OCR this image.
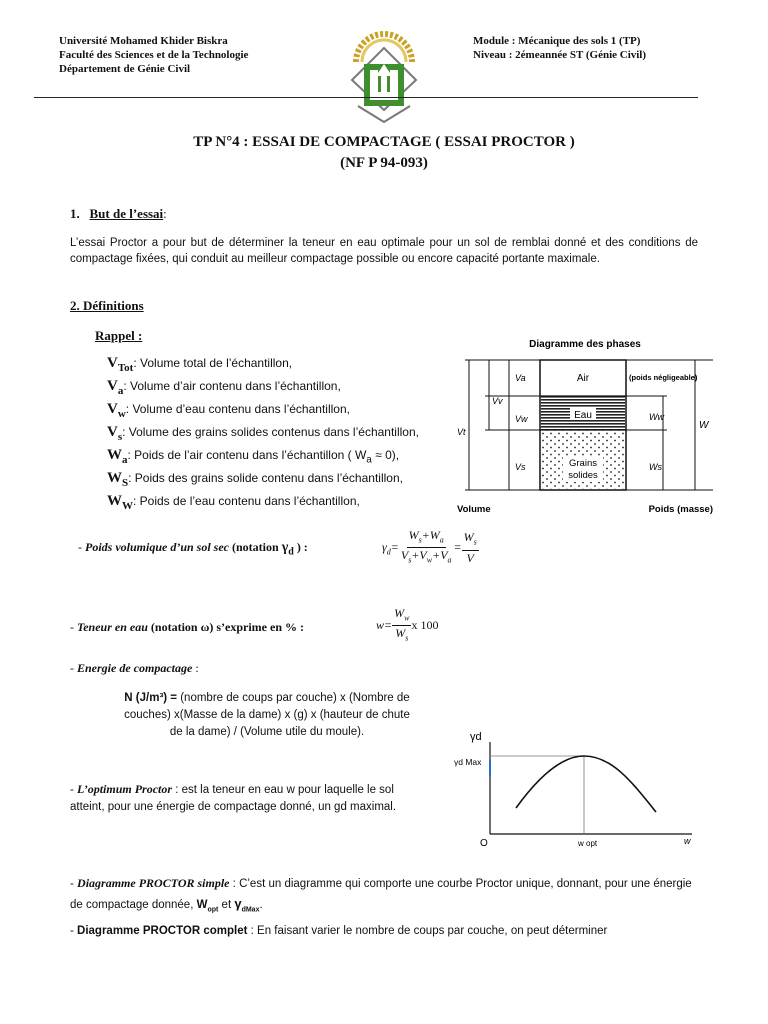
Université Mohamed Khider Biskra
Faculté des Sciences et de la Technologie
Département de Génie Civil
Module : Mécanique des sols 1 (TP)
Niveau : 2émeannée ST (Génie Civil)
TP N°4 : ESSAI DE COMPACTAGE ( ESSAI PROCTOR )
(NF P 94-093)
1. But de l’essai:
L’essai Proctor a pour but de déterminer la teneur en eau optimale pour un sol de remblai donné et des conditions de compactage fixées, qui conduit au meilleur compactage possible ou encore capacité portante maximale.
2. Définitions
Rappel :
$V_{Tot}$ : Volume total de l’échantillon,
$V_a$ : Volume d’air contenu dans l’échantillon,
$V_w$ : Volume d’eau contenu dans l’échantillon,
$V_s$ : Volume des grains solides contenus dans l’échantillon,
$W_a$ : Poids de l’air contenu dans l’échantillon ( $W_a \approx 0$),
$W_S$ : Poids des grains solide contenu dans l’échantillon,
$W_W$ : Poids de l’eau contenu dans l’échantillon,
Diagramme des phases
Air
Eau
Grains
solides
Va
Vv
Vw
Vt
Vs
(poids négligeable)
Ww
W
Ws
Volume	Poids (masse)
- Poids volumique d’un sol sec (notation $\gamma_d$ ) :	$\gamma_d= \frac{W_s+W_a}{V_s+V_w+V_a} = \frac{W_s}{V}$
- Teneur en eau (notation ω) s’exprime en % :	$w= \frac{W_w}{W_s}$ x 100
- Energie de compactage :
N (J/m³) = (nombre de coups par couche) x (Nombre de couches) x(Masse de la dame) x (g) x (hauteur de chute de la dame) / (Volume utile du moule).
- L’optimum Proctor : est la teneur en eau w pour laquelle le sol atteint, pour une énergie de compactage donné, un gd maximal.
γd
γd Max
O	w opt	w
- Diagramme PROCTOR simple : C’est un diagramme qui comporte une courbe Proctor unique, donnant, pour une énergie de compactage donnée, $W_{opt}$ et $\gamma_{dMax}$.
- Diagramme PROCTOR complet : En faisant varier le nombre de coups par couche, on peut déterminer
